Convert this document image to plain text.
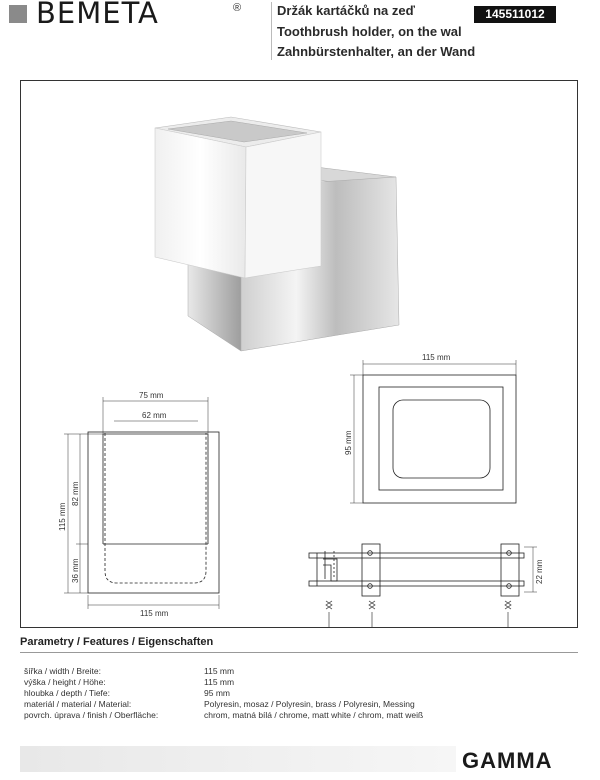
BEMETA	®	Držák kartáčků na zeď
Toothbrush holder, on the wal
Zahnbürstenhalter, an der Wand
145511012
75 mm
62 mm
115 mm
115 mm
82 mm
36 mm
115 mm
95 mm
22 mm
Parametry / Features / Eigenschaften
šířka / width / Breite:	115 mm
výška / height / Höhe:	115 mm
hloubka / depth / Tiefe:	95 mm
materiál / material / Material:	Polyresin, mosaz / Polyresin, brass / Polyresin, Messing
povrch. úprava / finish / Oberfläche:	chrom, matná bílá / chrome, matt white / chrom, matt weiß
GAMMA
